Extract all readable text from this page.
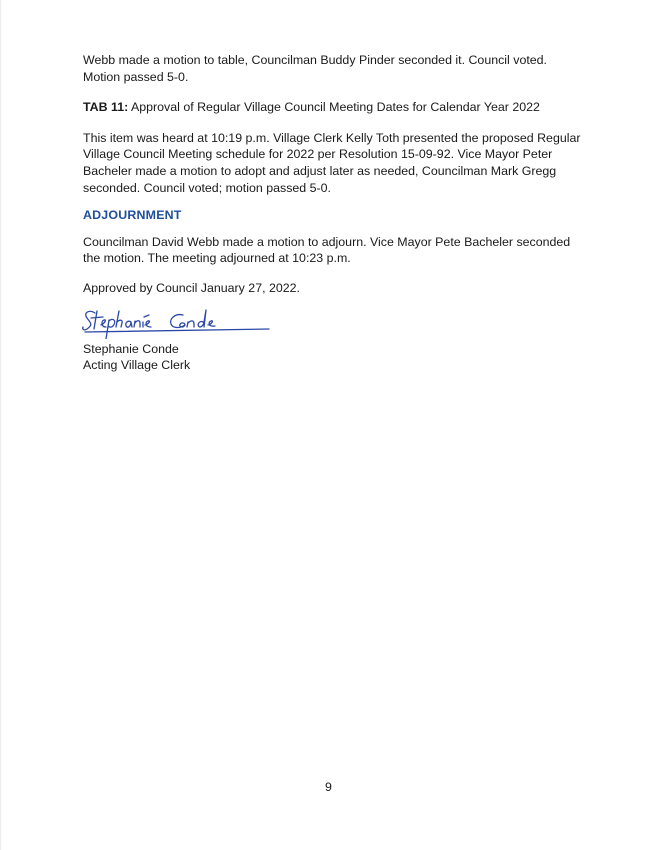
Webb made a motion to table, Councilman Buddy Pinder seconded it. Council voted. Motion passed 5-0.

TAB 11: Approval of Regular Village Council Meeting Dates for Calendar Year 2022

This item was heard at 10:19 p.m. Village Clerk Kelly Toth presented the proposed Regular Village Council Meeting schedule for 2022 per Resolution 15-09-92. Vice Mayor Peter Bacheler made a motion to adopt and adjust later as needed, Councilman Mark Gregg seconded. Council voted; motion passed 5-0.

ADJOURNMENT

Councilman David Webb made a motion to adjourn. Vice Mayor Pete Bacheler seconded the motion. The meeting adjourned at 10:23 p.m.

Approved by Council January 27, 2022.

Stephanie Conde
Acting Village Clerk
9
